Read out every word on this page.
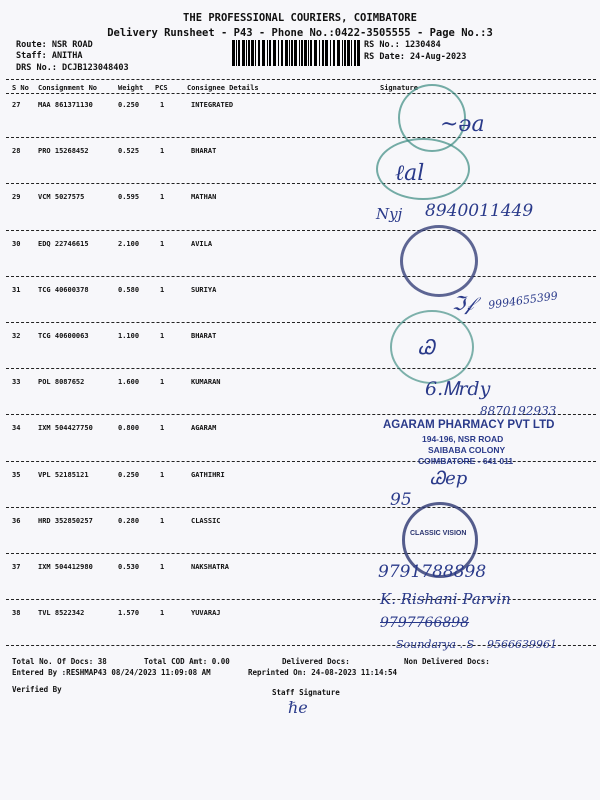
THE PROFESSIONAL COURIERS, COIMBATORE
Delivery Runsheet - P43 - Phone No.:0422-3505555 - Page No.:3
Route: NSR ROAD
Staff: ANITHA
DRS No.: DCJB123048403
RS No.: 1230484
RS Date: 24-Aug-2023
S No Consignment No	Weight PCS	Consignee Details	Signature
27	MAA 861371130	0.250	1	INTEGRATED
28	PRO 15268452	0.525	1	BHARAT
29	VCM 5027575	0.595	1	MATHAN
30	EDQ 22746615	2.100	1	AVILA
31	TCG 40600378	0.580	1	SURIYA
32	TCG 40600063	1.100	1	BHARAT
33	POL 8087652	1.600	1	KUMARAN
34	IXM 504427750	0.800	1	AGARAM
35	VPL 52185121	0.250	1	GATHIHRI
36	HRD 352850257	0.280	1	CLASSIC
37	IXM 504412980	0.530	1	NAKSHATRA
38	TVL 8522342	1.570	1	YUVARAJ
~ǝa
ℓal
Nyj 8940011449
ℑ𝒻 9994655399
Ꮚ
6.Ꮇrdy
8870192933
AGARAM PHARMACY PVT LTD
194-196, NSR ROAD
SAIBABA COLONY
COIMBATORE - 641 011
Ꮚep
95
CLASSIC VISION
9791788898
K. Rishani Parvin
9797766898
Soundarya . S 9566639961
Total No. Of Docs: 38	Total COD Amt: 0.00	Delivered Docs:	Non Delivered Docs:
Entered By :RESHMAP43 08/24/2023 11:09:08 AM	Reprinted On: 24-08-2023 11:14:54
Verified By	Staff Signature
ℏe
